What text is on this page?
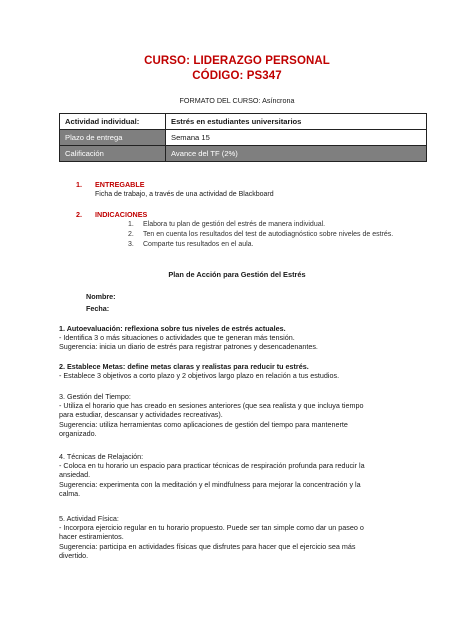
CURSO: LIDERAZGO PERSONAL
CÓDIGO: PS347
FORMATO DEL CURSO: Asíncrona
Actividad individual:	Estrés en estudiantes universitarios
Plazo de entrega	Semana 15
Calificación	Avance del TF (2%)
1. ENTREGABLE
Ficha de trabajo, a través de una actividad de Blackboard
2. INDICACIONES
1. Elabora tu plan de gestión del estrés de manera individual.
2. Ten en cuenta los resultados del test de autodiagnóstico sobre niveles de estrés.
3. Comparte tus resultados en el aula.
Plan de Acción para Gestión del Estrés
Nombre:
Fecha:
1. Autoevaluación: reflexiona sobre tus niveles de estrés actuales.
- Identifica 3 o más situaciones o actividades que te generan más tensión.
Sugerencia: inicia un diario de estrés para registrar patrones y desencadenantes.
2. Establece Metas: define metas claras y realistas para reducir tu estrés.
- Establece 3 objetivos a corto plazo y 2 objetivos largo plazo en relación a tus estudios.
3. Gestión del Tiempo:
- Utiliza el horario que has creado en sesiones anteriores (que sea realista y que incluya tiempo
para estudiar, descansar y actividades recreativas).
Sugerencia: utiliza herramientas como aplicaciones de gestión del tiempo para mantenerte
organizado.
4. Técnicas de Relajación:
- Coloca en tu horario un espacio para practicar técnicas de respiración profunda para reducir la
ansiedad.
Sugerencia: experimenta con la meditación y el mindfulness para mejorar la concentración y la
calma.
5. Actividad Física:
- Incorpora ejercicio regular en tu horario propuesto. Puede ser tan simple como dar un paseo o
hacer estiramientos.
Sugerencia: participa en actividades físicas que disfrutes para hacer que el ejercicio sea más
divertido.
